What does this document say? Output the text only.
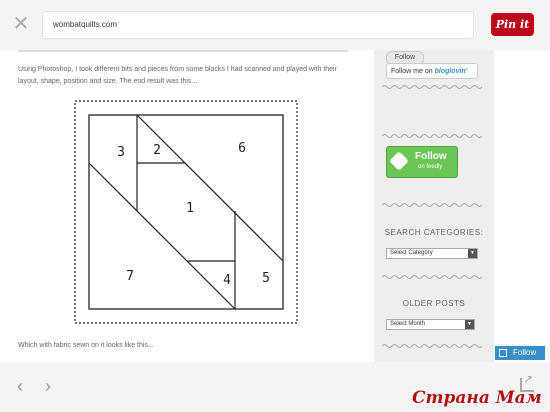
✕	wombatquilts.com	Pin it
Using Photoshop, I took different bits and pieces from some blocks I had scanned and played with their layout, shape, position and size. The end result was this...
1
2
3
4 5
6
7
Which with fabric sewn on it looks like this...
Follow
Follow me on bloglovin'
Follow
on feedly
SEARCH CATEGORIES:
Select Category	▼
OLDER POSTS
Select Month	▼
Follow
‹ ›
↗
Страна Мам
